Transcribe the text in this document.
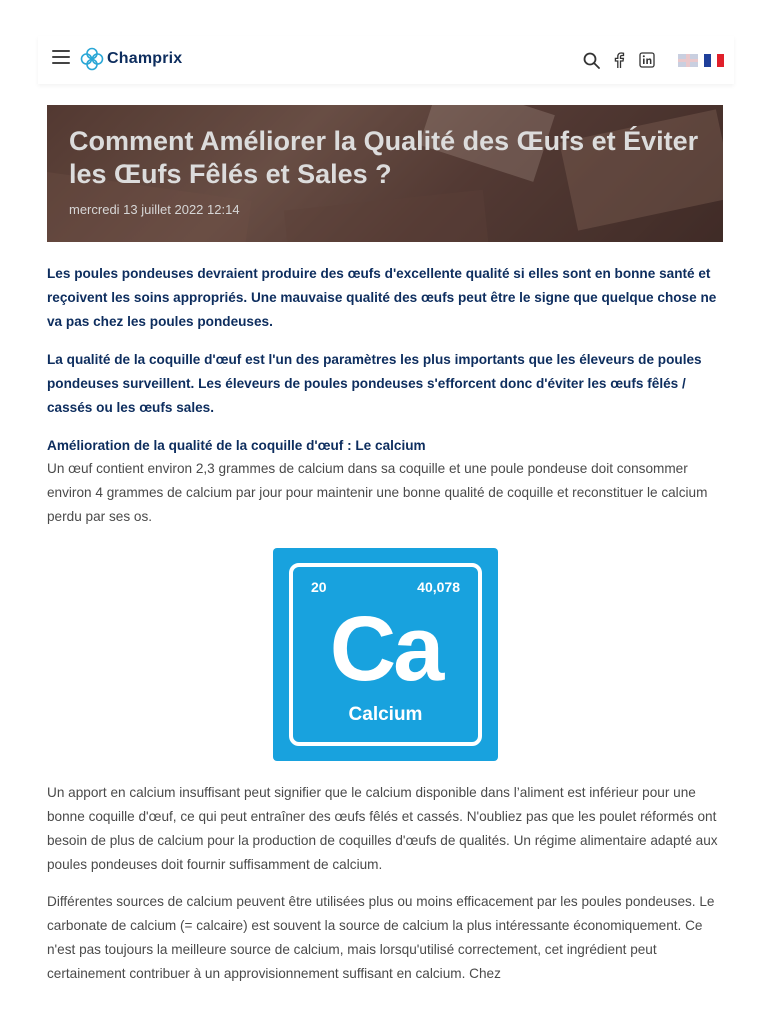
Champrix
Comment Améliorer la Qualité des Œufs et Éviter les Œufs Fêlés et Sales ?
mercredi 13 juillet 2022 12:14

Les poules pondeuses devraient produire des œufs d'excellente qualité si elles sont en bonne santé et reçoivent les soins appropriés. Une mauvaise qualité des œufs peut être le signe que quelque chose ne va pas chez les poules pondeuses.

La qualité de la coquille d'œuf est l'un des paramètres les plus importants que les éleveurs de poules pondeuses surveillent. Les éleveurs de poules pondeuses s'efforcent donc d'éviter les œufs fêlés / cassés ou les œufs sales.

Amélioration de la qualité de la coquille d'œuf : Le calcium

Un œuf contient environ 2,3 grammes de calcium dans sa coquille et une poule pondeuse doit consommer environ 4 grammes de calcium par jour pour maintenir une bonne qualité de coquille et reconstituer le calcium perdu par ses os.

Un apport en calcium insuffisant peut signifier que le calcium disponible dans l’aliment est inférieur pour une bonne coquille d'œuf, ce qui peut entraîner des œufs fêlés et cassés. N'oubliez pas que les poulet réformés ont besoin de plus de calcium pour la production de coquilles d'œufs de qualités. Un régime alimentaire adapté aux poules pondeuses doit fournir suffisamment de calcium.

Différentes sources de calcium peuvent être utilisées plus ou moins efficacement par les poules pondeuses. Le carbonate de calcium (= calcaire) est souvent la source de calcium la plus intéressante économiquement. Ce n'est pas toujours la meilleure source de calcium, mais lorsqu'utilisé correctement, cet ingrédient peut certainement contribuer à un approvisionnement suffisant en calcium. Chez

20	40,078
Ca
Calcium
